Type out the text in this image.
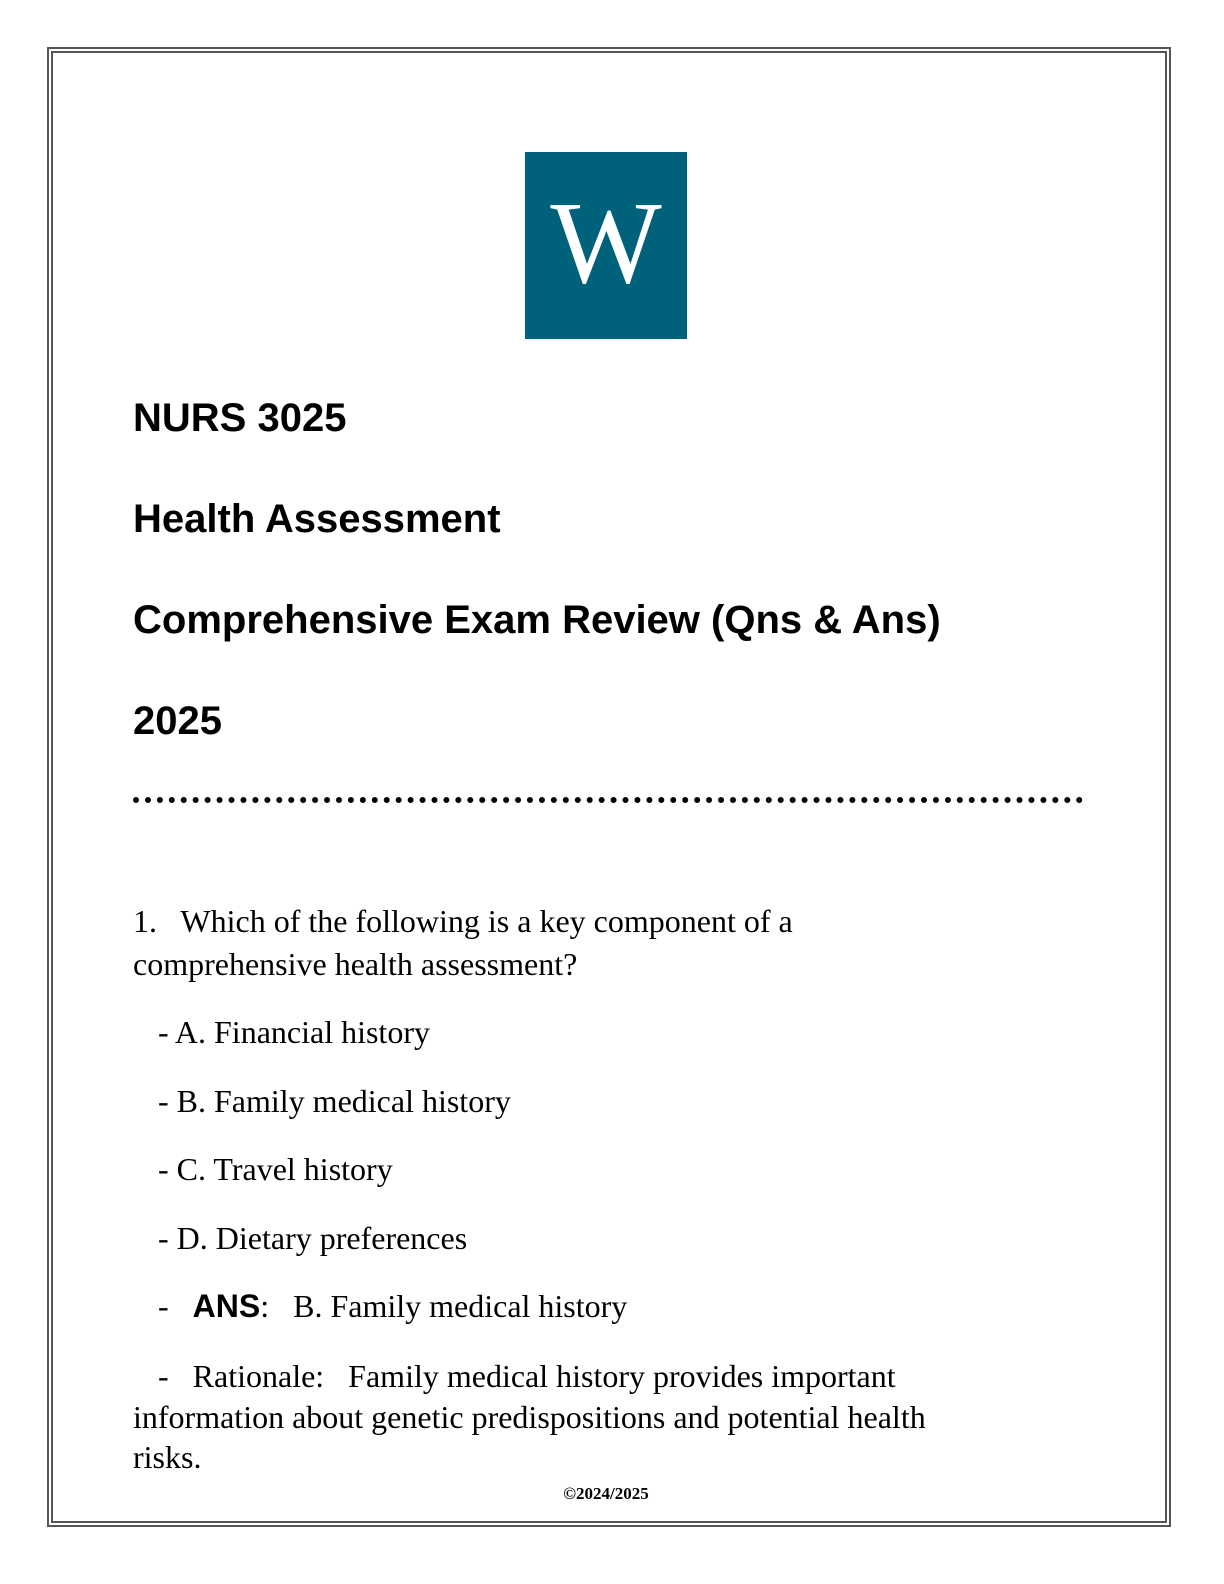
W
NURS 3025
Health Assessment
Comprehensive Exam Review (Qns & Ans)
2025
1. Which of the following is a key component of a
comprehensive health assessment?
- A. Financial history
- B. Family medical history
- C. Travel history
- D. Dietary preferences
- ANS:   B. Family medical history
- Rationale: Family medical history provides important
information about genetic predispositions and potential health
risks.
©2024/2025
